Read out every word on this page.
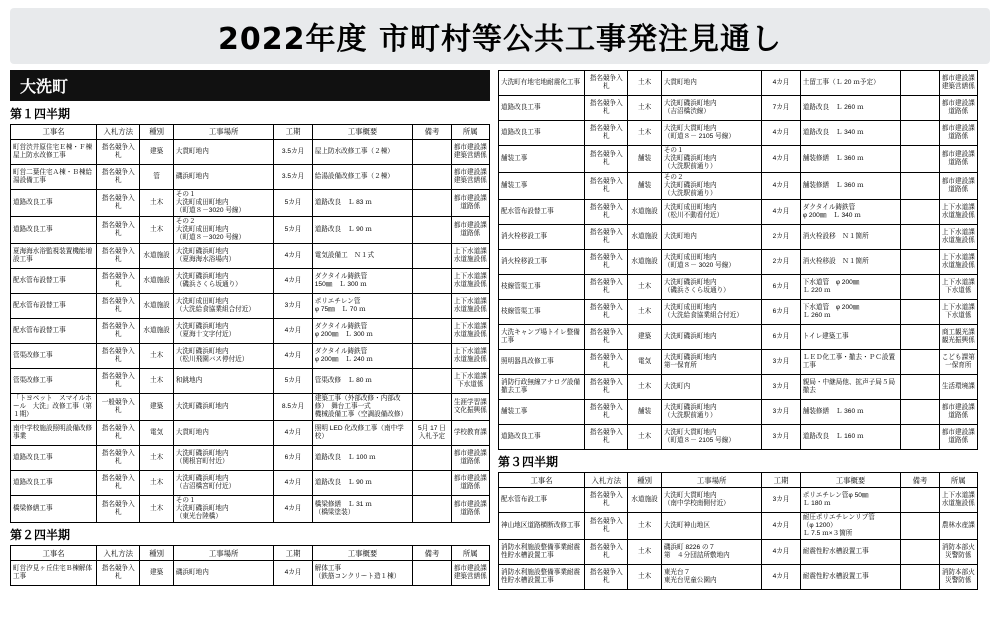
2022年度 市町村等公共工事発注見通し
大洗町
第１四半期
工事名	入札方法	種別	工事場所	工期	工事概要	備考	所属

町営渋井原住宅Ｅ棟・Ｆ棟屋上防水改修工事	指名競争入札	建築	大貫町地内	3.5カ月	屋上防水改修工事（２棟）		都市建設課建築営繕係

町営二葉住宅Ａ棟・Ｂ棟給湯設備工事	指名競争入札	管	磯浜町地内	3.5カ月	給湯設備改修工事（２棟）		都市建設課建築営繕係

道路改良工事	指名競争入札	土木	その１
大洗町成田町地内
（町道８－3020 号線）	5カ月	道路改良　Ｌ 83 ｍ		都市建設課道路係

道路改良工事	指名競争入札	土木	その２
大洗町成田町地内
（町道８－3020 号線）	5カ月	道路改良　Ｌ 90 ｍ		都市建設課道路係

夏海海水浴監視装置機能増設工事	指名競争入札	水道施設	大洗町磯浜町地内
（夏海海水浴場内）	4カ月	電気設備工　Ｎ１式		上下水道課水道施設係

配水管布設替工事	指名競争入札	水道施設	大洗町磯浜町地内
（磯浜さくら坂通り）	4カ月	ダクタイル鋳鉄管
150㎜　Ｌ 300 ｍ		上下水道課水道施設係

配水管布設替工事	指名競争入札	水道施設	大洗町成田町地内
（大洗給食協業組合付近）	3カ月	ポリエチレン管
φ 75㎜　Ｌ 70 ｍ		上下水道課水道施設係

配水管布設替工事	指名競争入札	水道施設	大洗町磯浜町地内
（夏海十文字付近）	4カ月	ダクタイル鋳鉄管
φ 200㎜　Ｌ 300 ｍ		上下水道課水道施設係

管渠改修工事	指名競争入札	土木	大洗町磯浜町地内
（松川飛園バス停付近）	4カ月	ダクタイル鋳鉄管
φ 200㎜　Ｌ 240 ｍ		上下水道課水道施設係

管渠改修工事	指名競争入札	土木	和銚地内	5カ月	管渠改修　Ｌ 80 ｍ		上下水道課下水道係

「トヨペット　スマイルホール　大洗」改修工事（第１期）	一般競争入札	建築	大洗町磯浜町地内	8.5カ月	建築工事（外部改修・内部改修）　舞台工事一式
機械設備工事（空調設備改修）		生涯学習課文化振興係

南中学校施設照明設備改修事業	指名競争入札	電気	大貫町地内	4カ月	照明 LED 化改修工事（南中学校）	5月 17 日入札予定	学校教育課

道路改良工事	指名競争入札	土木	大洗町磯浜町地内
（関根宮町付近）	6カ月	道路改良　Ｌ 100 ｍ		都市建設課道路係

道路改良工事	指名競争入札	土木	大洗町磯浜町地内
（吉沼橋宮町付近）	4カ月	道路改良　Ｌ 90 ｍ		都市建設課道路係

橋梁修繕工事	指名競争入札	土木	その１
大洗町磯浜町地内
（東光台陸橋）	4カ月	橋梁修繕　Ｌ 31 ｍ
（橋梁塗装）		都市建設課道路係
第２四半期
工事名	入札方法	種別	工事場所	工期	工事概要	備考	所属

町営汐見ヶ丘住宅Ｂ棟解体工事	指名競争入札	建築	磯浜町地内	4カ月	解体工事
（鉄筋コンクリート造１棟）		都市建設課建築営繕係
大洗町有地宅地耐震化工事	指名競争入札	土木	大貫町地内	4カ月	土留工事（Ｌ 20 ｍ予定）		都市建設課建築営繕係

道路改良工事	指名競争入札	土木	大洗町磯浜町地内
（吉沼橋渋線）	7カ月	道路改良　Ｌ 260 ｍ		都市建設課道路係

道路改良工事	指名競争入札	土木	大洗町大貫町地内
（町道８－ 2105 号線）	4カ月	道路改良　Ｌ 340 ｍ		都市建設課道路係

舗装工事	指名競争入札	舗装	その１
大洗町磯浜町地内
（大洗駅前通り）	4カ月	舗装修繕　Ｌ 360 ｍ		都市建設課道路係

舗装工事	指名競争入札	舗装	その２
大洗町磯浜町地内
（大洗駅前通り）	4カ月	舗装修繕　Ｌ 360 ｍ		都市建設課道路係

配水管布設替工事	指名競争入札	水道施設	大洗町成田町地内
（松川不動看付近）	4カ月	ダクタイル鋳鉄管
φ 200㎜　Ｌ 340 ｍ		上下水道課水道施設係

消火栓移設工事	指名競争入札	水道施設	大洗町地内	2カ月	消火栓設移　Ｎ１箇所		上下水道課水道施設係

消火栓移設工事	指名競争入札	水道施設	大洗町成田町地内
（町道８－ 3020 号線）	2カ月	消火栓移設　Ｎ１箇所		上下水道課水道施設係

枝線管渠工事	指名競争入札	土木	大洗町磯浜町地内
（磯浜さくら坂通り）	6カ月	下水道管　φ 200㎜
Ｌ 220 ｍ		上下水道課下水道係

枝線管渠工事	指名競争入札	土木	大洗町成田町地内
（大洗給食協業組合付近）	6カ月	下水道管　φ 200㎜
Ｌ 260 ｍ		上下水道課下水道係

大洗キャンプ場トイレ整備工事	指名競争入札	建築	大洗町磯浜町地内	6カ月	トイレ建築工事		商工観光課観光振興係

照明器具改修工事	指名競争入札	電気	大洗町磯浜町地内
第一保育所	3カ月	ＬＥＤ化工事・撤去・ＰＣ設置工事		こども課第一保育所

消防行政無線アナログ設備撤去工事	指名競争入札	土木	大洗町内	3カ月	親局・中継局他、拡声子局５局撤去		生活環境課

舗装工事	指名競争入札	舗装	大洗町磯浜町地内
（大洗駅前通り）	3カ月	舗装修繕　Ｌ 360 ｍ		都市建設課道路係

道路改良工事	指名競争入札	土木	大洗町大貫町地内
（町道８－ 2105 号線）	3カ月	道路改良　Ｌ 160 ｍ		都市建設課道路係
第３四半期
工事名	入札方法	種別	工事場所	工期	工事概要	備考	所属

配水管布設工事	指名競争入札	水道施設	大洗町大貫町地内
（南中学校南側付近）	3カ月	ポリエチレン管φ 50㎜
Ｌ 180 ｍ		上下水道課水道施設係

神山地区道路横断改修工事	指名競争入札	土木	大洗町神山地区	4カ月	耐圧ポリエチレンリブ管
（φ 1200）
Ｌ 7.5 ｍ×３箇所		農林水産課

消防水利施設整備事業耐震性貯水槽設置工事	指名競争入札	土木	磯浜町 8226 の７
第　４分団詰所敷地内	4カ月	耐震性貯水槽設置工事		消防本部火災警防係

消防水利施設整備事業耐震性貯水槽設置工事	指名競争入札	土木	東光台７
東光台児童公園内	4カ月	耐震性貯水槽設置工事		消防本部火災警防係
